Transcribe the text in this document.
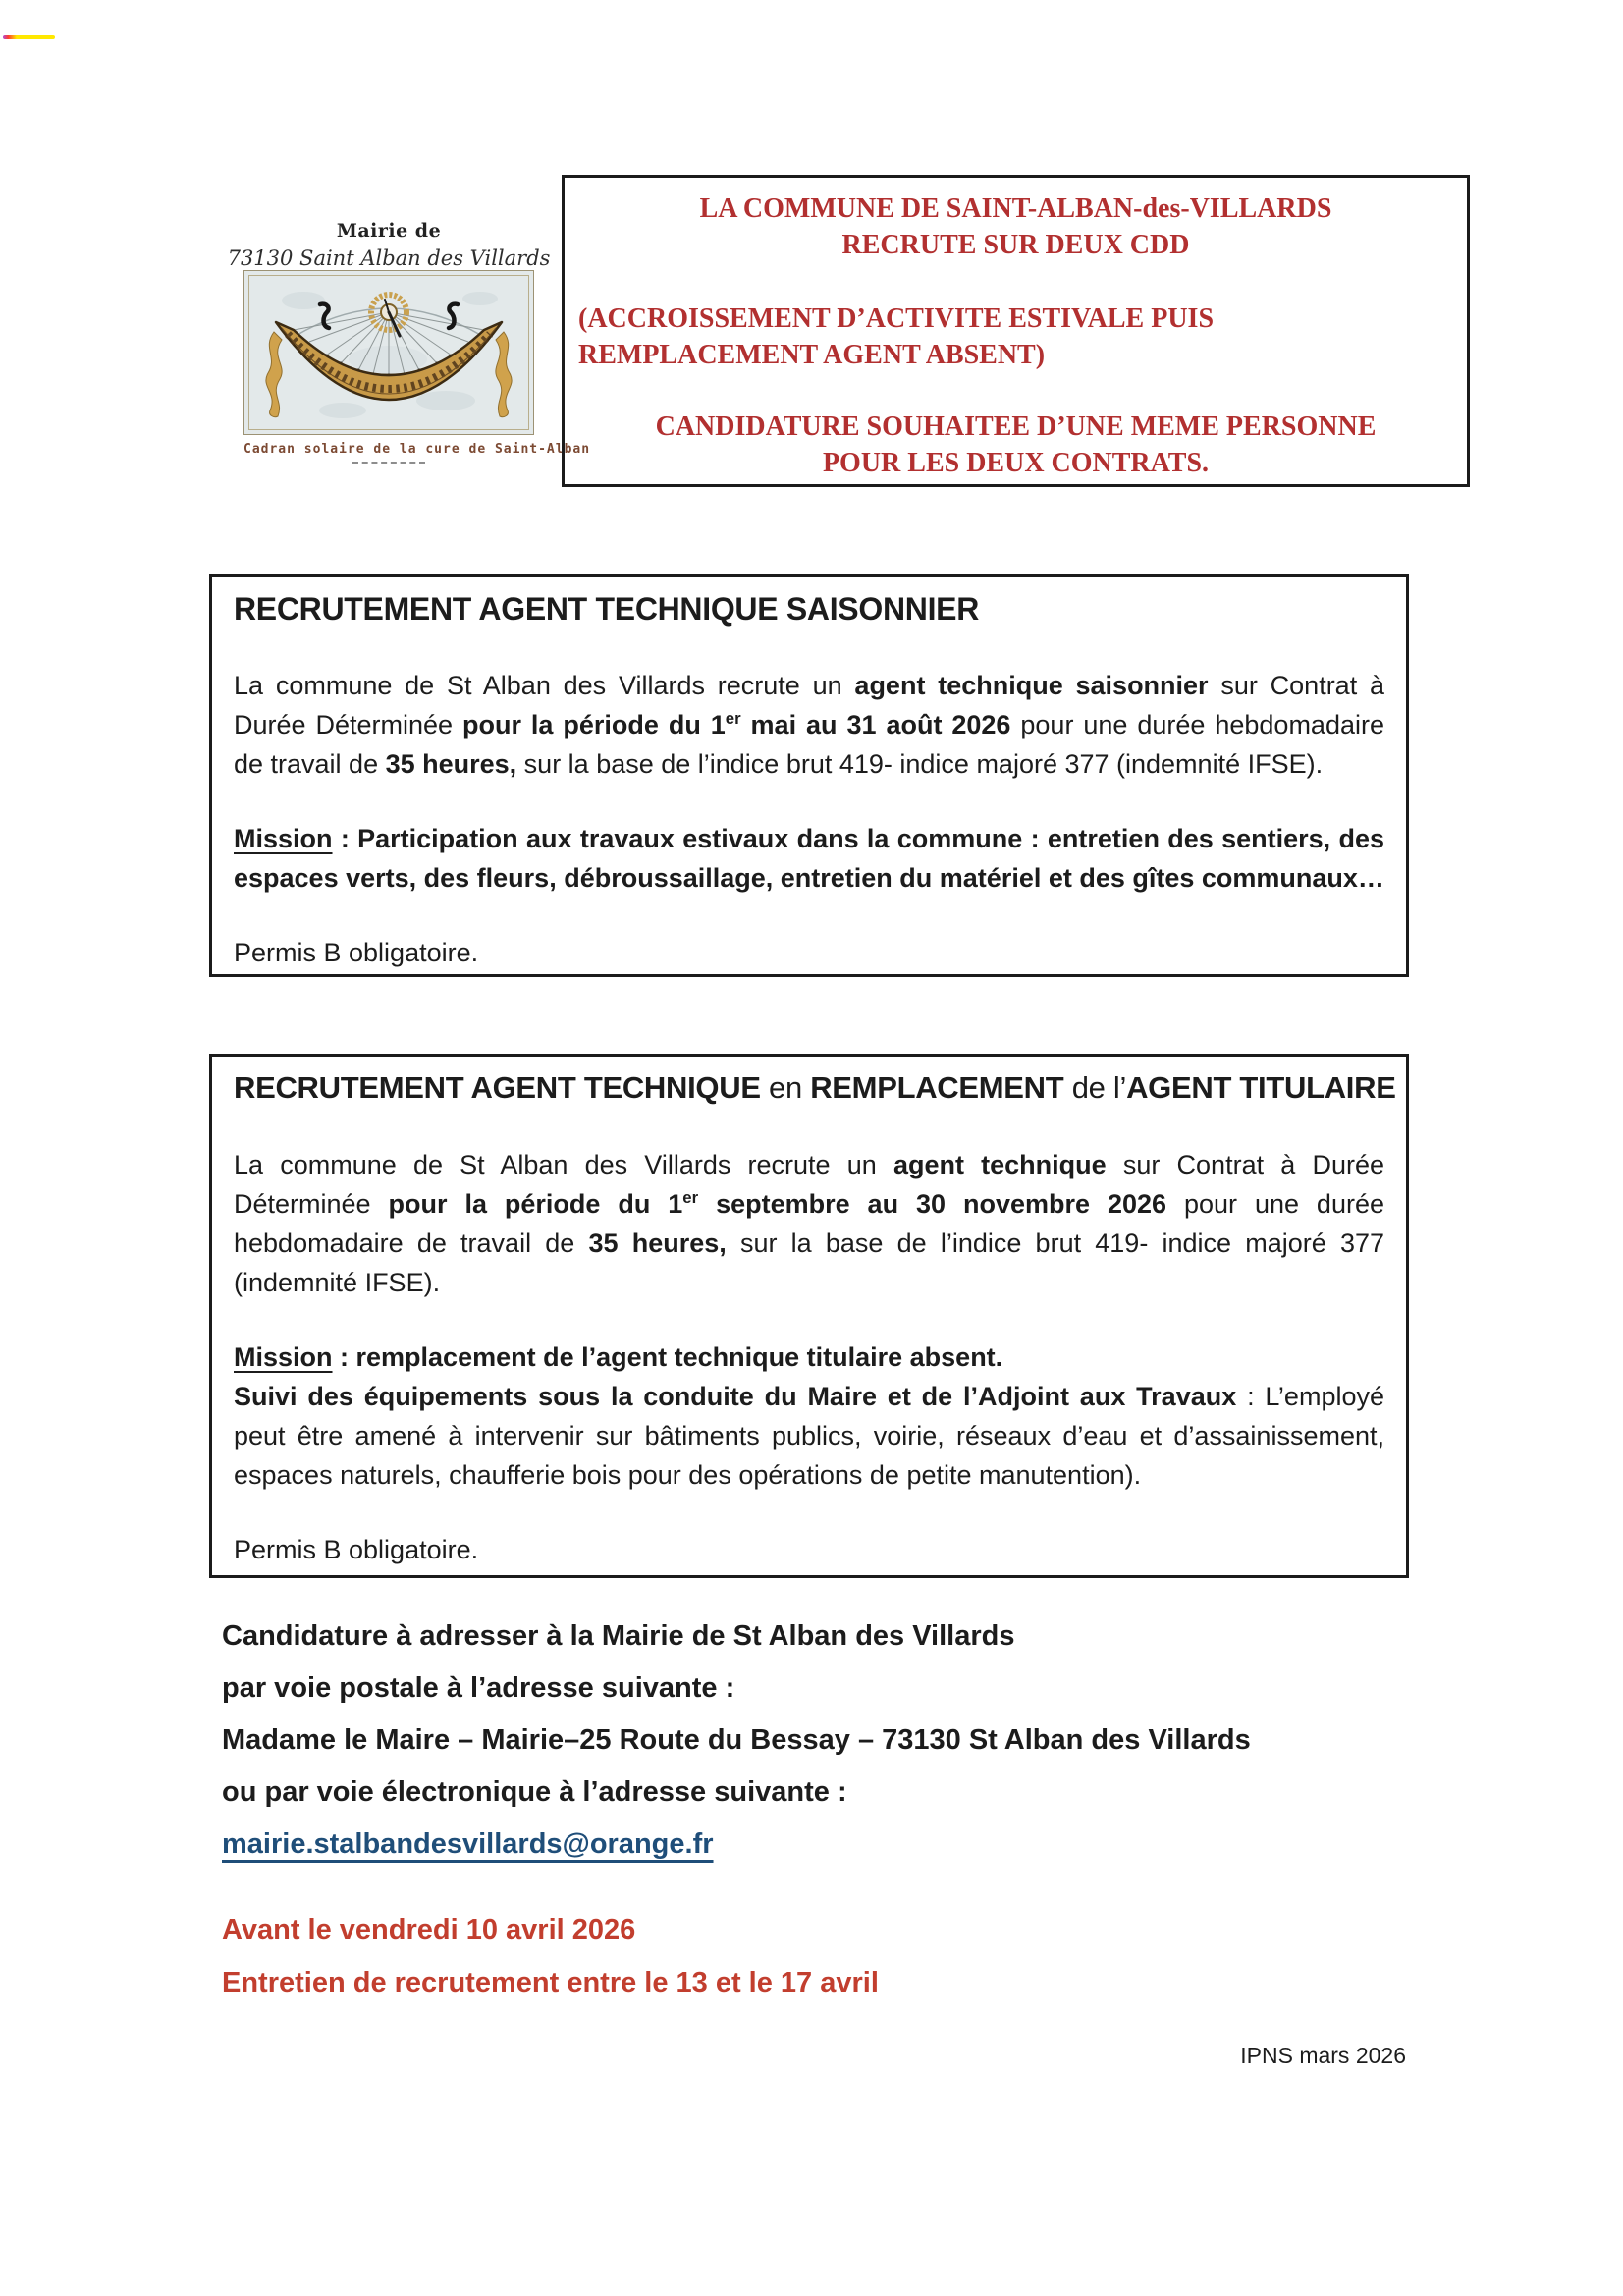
Mairie de
73130 Saint Alban des Villards
Cadran solaire de la cure de Saint-Alban
LA COMMUNE DE SAINT-ALBAN-des-VILLARDS
RECRUTE SUR DEUX CDD
(ACCROISSEMENT D’ACTIVITE ESTIVALE PUIS
REMPLACEMENT AGENT ABSENT)
CANDIDATURE SOUHAITEE D’UNE MEME PERSONNE
POUR LES DEUX CONTRATS.
RECRUTEMENT AGENT TECHNIQUE SAISONNIER

La commune de St Alban des Villards recrute un agent technique saisonnier sur Contrat à Durée Déterminée pour la période du 1er mai au 31 août 2026 pour une durée hebdomadaire de travail de 35 heures, sur la base de l’indice brut 419- indice majoré 377 (indemnité IFSE).

Mission : Participation aux travaux estivaux dans la commune : entretien des sentiers, des espaces verts, des fleurs, débroussaillage, entretien du matériel et des gîtes communaux…

Permis B obligatoire.

RECRUTEMENT AGENT TECHNIQUE en REMPLACEMENT de l’AGENT TITULAIRE

La commune de St Alban des Villards recrute un agent technique sur Contrat à Durée Déterminée pour la période du 1er septembre au 30 novembre 2026 pour une durée hebdomadaire de travail de 35 heures, sur la base de l’indice brut 419- indice majoré 377 (indemnité IFSE).

Mission : remplacement de l’agent technique titulaire absent.

Suivi des équipements sous la conduite du Maire et de l’Adjoint aux Travaux : L’employé peut être amené à intervenir sur bâtiments publics, voirie, réseaux d’eau et d’assainissement, espaces naturels, chaufferie bois pour des opérations de petite manutention).

Permis B obligatoire.

Candidature à adresser à la Mairie de St Alban des Villards
par voie postale à l’adresse suivante :
Madame le Maire – Mairie–25 Route du Bessay – 73130 St Alban des Villards
ou par voie électronique à l’adresse suivante :
mairie.stalbandesvillards@orange.fr
Avant le vendredi 10 avril 2026
Entretien de recrutement entre le 13 et le 17 avril
IPNS mars 2026
